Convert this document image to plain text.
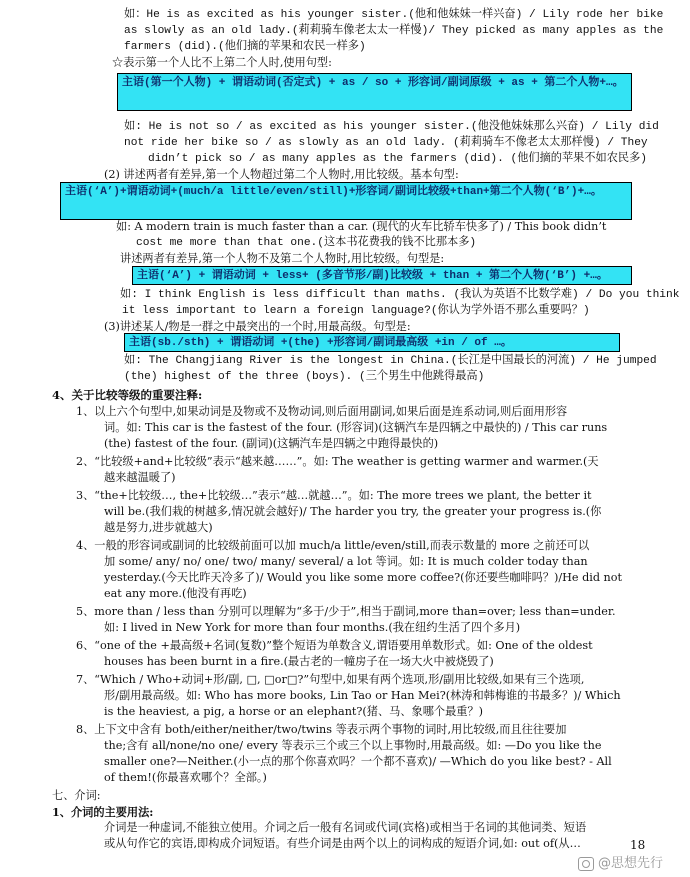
如：He is as excited as his younger sister.(他和他妹妹一样兴奋) / Lily rode her bike
as slowly as an old lady.(莉莉骑车像老太太一样慢)/ They picked as many apples as the
farmers (did).(他们摘的苹果和农民一样多)
☆表示第一个人比不上第二个人时,使用句型:
主语(第一个人物) + 谓语动词(否定式) + as / so + 形容词/副词原级 + as + 第二个人物+…。
如: He is not so / as excited as his younger sister.(他没他妹妹那么兴奋) / Lily did
not ride her bike so / as slowly as an old lady. (莉莉骑车不像老太太那样慢) / They
didn’t pick so / as many apples as the farmers (did). (他们摘的苹果不如农民多)
(2) 讲述两者有差异,第一个人物超过第二个人物时,用比较级。基本句型:
主语(‘A’)+谓语动词+(much/a little/even/still)+形容词/副词比较级+than+第二个人物(‘B’)+…。
如: A modern train is much faster than a car. (现代的火车比轿车快多了) / This book didn’t
cost me more than that one.(这本书花费我的钱不比那本多)
讲述两者有差异,第一个人物不及第二个人物时,用比较级。句型是:
主语(‘A’) + 谓语动词 + less+ (多音节形/副)比较级 + than + 第二个人物(‘B’) +…。
如: I think English is less difficult than maths. (我认为英语不比数学难) / Do you think
it less important to learn a foreign language?(你认为学外语不那么重要吗？)
(3)讲述某人/物是一群之中最突出的一个时,用最高级。句型是:
主语(sb./sth) + 谓语动词 +(the) +形容词/副词最高级 +in / of …。
如: The Changjiang River is the longest in China.(长江是中国最长的河流) / He jumped
(the) highest of the three (boys). (三个男生中他跳得最高)
4、关于比较等级的重要注释:
1、以上六个句型中,如果动词是及物或不及物动词,则后面用副词,如果后面是连系动词,则后面用形容
词。如: This car is the fastest of the four. (形容词)(这辆汽车是四辆之中最快的) / This car runs
(the) fastest of the four. (副词)(这辆汽车是四辆之中跑得最快的)
2、“比较级+and+比较级”表示“越来越……”。如: The weather is getting warmer and warmer.(天
越来越温暖了)
3、“the+比较级…, the+比较级…”表示“越…就越…”。如: The more trees we plant, the better it
will be.(我们栽的树越多,情况就会越好)/ The harder you try, the greater your progress is.(你
越是努力,进步就越大)
4、一般的形容词或副词的比较级前面可以加 much/a little/even/still,而表示数量的 more 之前还可以
加 some/ any/ no/ one/ two/ many/ several/ a lot 等词。如: It is much colder today than
yesterday.(今天比昨天冷多了)/ Would you like some more coffee?(你还要些咖啡吗？)/He did not
eat any more.(他没有再吃)
5、more than / less than 分别可以理解为“多于/少于”,相当于副词,more than=over; less than=under.
如: I lived in New York for more than four months.(我在纽约生活了四个多月)
6、“one of the +最高级+名词(复数)”整个短语为单数含义,谓语要用单数形式。如: One of the oldest
houses has been burnt in a fire.(最古老的一幢房子在一场大火中被烧毁了)
7、“Which / Who+动词+形/副, □, □or□?”句型中,如果有两个选项,形/副用比较级,如果有三个选项,
形/副用最高级。如: Who has more books, Lin Tao or Han Mei?(林涛和韩梅谁的书最多？)/ Which
is the heaviest, a pig, a horse or an elephant?(猪、马、象哪个最重？)
8、上下文中含有 both/either/neither/two/twins 等表示两个事物的词时,用比较级,而且往往要加
the;含有 all/none/no one/ every 等表示三个或三个以上事物时,用最高级。如: —Do you like the
smaller one?—Neither.(小一点的那个你喜欢吗？一个都不喜欢)/ —Which do you like best? - All
of them!(你最喜欢哪个？全部。)
七、介词:
1、介词的主要用法:
介词是一种虚词,不能独立使用。介词之后一般有名词或代词(宾格)或相当于名词的其他词类、短语
或从句作它的宾语,即构成介词短语。有些介词是由两个以上的词构成的短语介词,如: out of(从…	18
@思想先行
